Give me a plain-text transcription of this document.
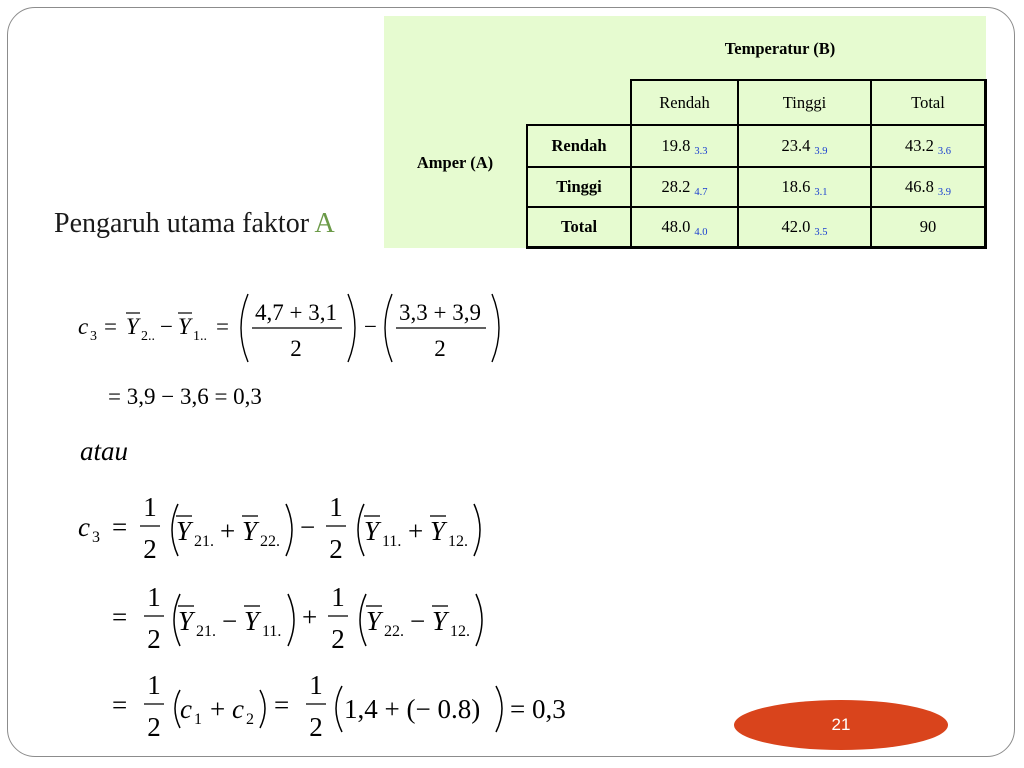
Temperatur (B)
Amper (A)
Rendah	Tinggi	Total
Rendah	19.8 3.3	23.4 3.9	43.2 3.6
Tinggi	28.2 4.7	18.6 3.1	46.8 3.9
Total	48.0 4.0	42.0 3.5	90
Pengaruh utama faktor A
c 3 = Y 2.. − Y 1.. =
4,7 + 3,1
2
−
3,3 + 3,9
2
= 3,9 − 3,6 = 0,3
atau
c 3 =
1
2
Y 21. + Y 22. −
1
2
Y 11. + Y 12.
=
1
2
Y 21. − Y 11. +
1
2
Y 22. − Y 12.
=
1
2
c 1 + c 2 =
1
2
1,4 + (− 0.8) = 0,3
21
